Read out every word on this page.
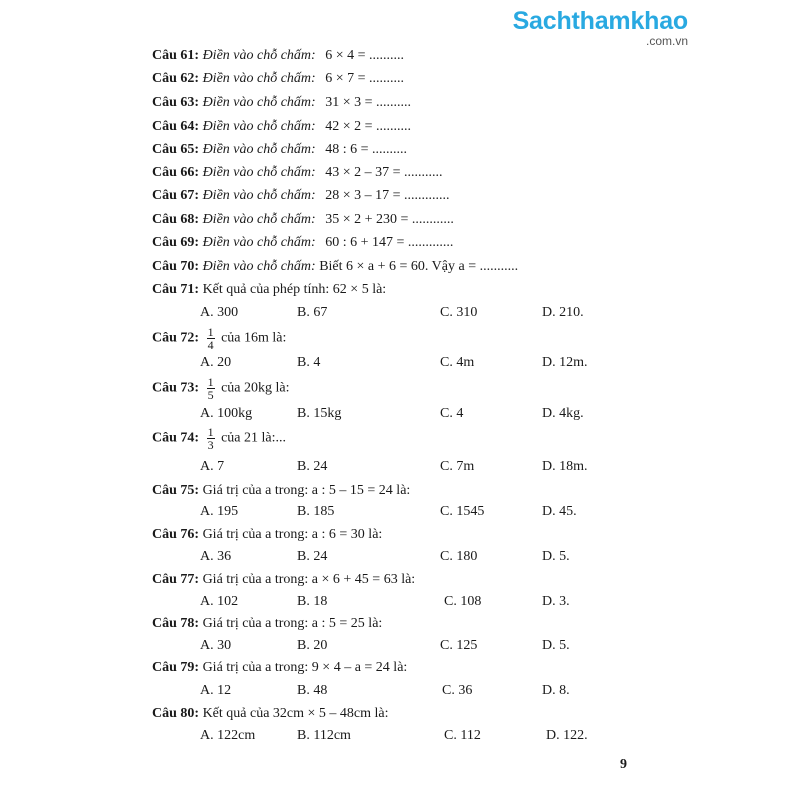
Sachthamkhao
.com.vn
Câu 61: Điền vào chỗ chấm: 6 × 4 = ..........
Câu 62: Điền vào chỗ chấm: 6 × 7 = ..........
Câu 63: Điền vào chỗ chấm: 31 × 3 = ..........
Câu 64: Điền vào chỗ chấm: 42 × 2 = ..........
Câu 65: Điền vào chỗ chấm: 48 : 6 = ..........
Câu 66: Điền vào chỗ chấm: 43 × 2 – 37 = ...........
Câu 67: Điền vào chỗ chấm: 28 × 3 – 17 = .............
Câu 68: Điền vào chỗ chấm: 35 × 2 + 230 = ............
Câu 69: Điền vào chỗ chấm: 60 : 6 + 147 = .............
Câu 70: Điền vào chỗ chấm: Biết 6 × a + 6 = 60. Vậy a = ...........
Câu 71: Kết quả của phép tính: 62 × 5 là:
A. 300	B. 67	C. 310	D. 210.
Câu 72: $\frac{1}{4}$ của 16m là:
A. 20	B. 4	C. 4m	D. 12m.
Câu 73: $\frac{1}{5}$ của 20kg là:
A. 100kg	B. 15kg	C. 4	D. 4kg.
Câu 74: $\frac{1}{3}$ của 21 là:...
A. 7	B. 24	C. 7m	D. 18m.
Câu 75: Giá trị của a trong: a : 5 – 15 = 24 là:
A. 195	B. 185	C. 1545	D. 45.
Câu 76: Giá trị của a trong: a : 6 = 30 là:
A. 36	B. 24	C. 180	D. 5.
Câu 77: Giá trị của a trong: a × 6 + 45 = 63 là:
A. 102	B. 18	C. 108	D. 3.
Câu 78: Giá trị của a trong: a : 5 = 25 là:
A. 30	B. 20	C. 125	D. 5.
Câu 79: Giá trị của a trong: 9 × 4 – a = 24 là:
A. 12	B. 48	C. 36	D. 8.
Câu 80: Kết quả của 32cm × 5 – 48cm là:
A. 122cm	B. 112cm	C. 112	D. 122.
9
